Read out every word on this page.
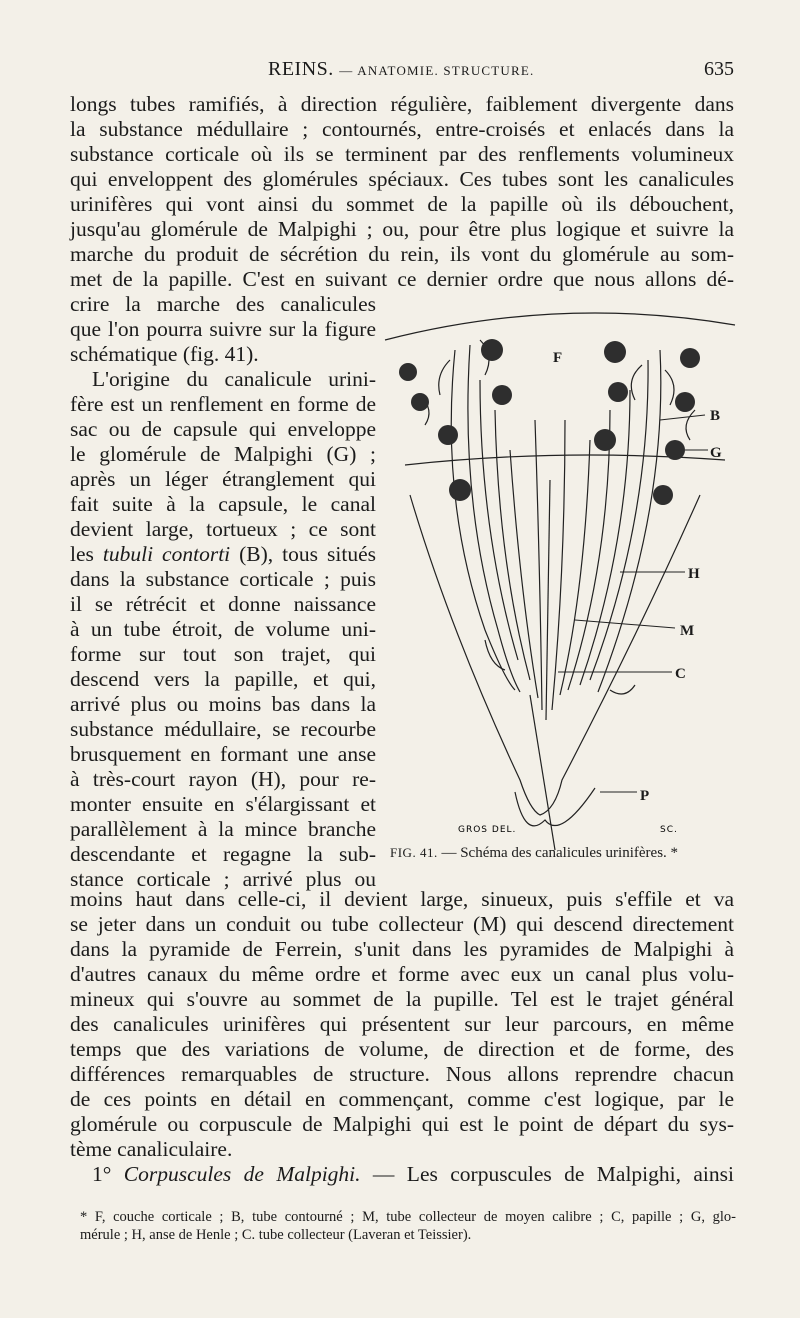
REINS. — ANATOMIE. STRUCTURE.	635
longs tubes ramifiés, à direction régulière, faiblement divergente dans
la substance médullaire ; contournés, entre-croisés et enlacés dans la
substance corticale où ils se terminent par des renflements volumineux
qui enveloppent des glomérules spéciaux. Ces tubes sont les canalicules
urinifères qui vont ainsi du sommet de la papille où ils débouchent,
jusqu'au glomérule de Malpighi ; ou, pour être plus logique et suivre la
marche du produit de sécrétion du rein, ils vont du glomérule au som-
met de la papille. C'est en suivant ce dernier ordre que nous allons dé-
crire la marche des canalicules
que l'on pourra suivre sur la figure
schématique (fig. 41).
L'origine du canalicule urini-
fère est un renflement en forme de
sac ou de capsule qui enveloppe
le glomérule de Malpighi (G) ;
après un léger étranglement qui
fait suite à la capsule, le canal
devient large, tortueux ; ce sont
les tubuli contorti (B), tous situés
dans la substance corticale ; puis
il se rétrécit et donne naissance
à un tube étroit, de volume uni-
forme sur tout son trajet, qui
descend vers la papille, et qui,
arrivé plus ou moins bas dans la
substance médullaire, se recourbe
brusquement en formant une anse
à très-court rayon (H), pour re-
monter ensuite en s'élargissant et
parallèlement à la mince branche
descendante et regagne la sub-
stance corticale ; arrivé plus ou
F
B
G
H
M
C
P
GROS DEL.	SC.
FIG. 41. — Schéma des canalicules urinifères. *
moins haut dans celle-ci, il devient large, sinueux, puis s'effile et va
se jeter dans un conduit ou tube collecteur (M) qui descend directement
dans la pyramide de Ferrein, s'unit dans les pyramides de Malpighi à
d'autres canaux du même ordre et forme avec eux un canal plus volu-
mineux qui s'ouvre au sommet de la pupille. Tel est le trajet général
des canalicules urinifères qui présentent sur leur parcours, en même
temps que des variations de volume, de direction et de forme, des
différences remarquables de structure. Nous allons reprendre chacun
de ces points en détail en commençant, comme c'est logique, par le
glomérule ou corpuscule de Malpighi qui est le point de départ du sys-
tème canaliculaire.
1° Corpuscules de Malpighi. — Les corpuscules de Malpighi, ainsi
* F, couche corticale ; B, tube contourné ; M, tube collecteur de moyen calibre ; C, papille ; G, glo-
mérule ; H, anse de Henle ; C. tube collecteur (Laveran et Teissier).
